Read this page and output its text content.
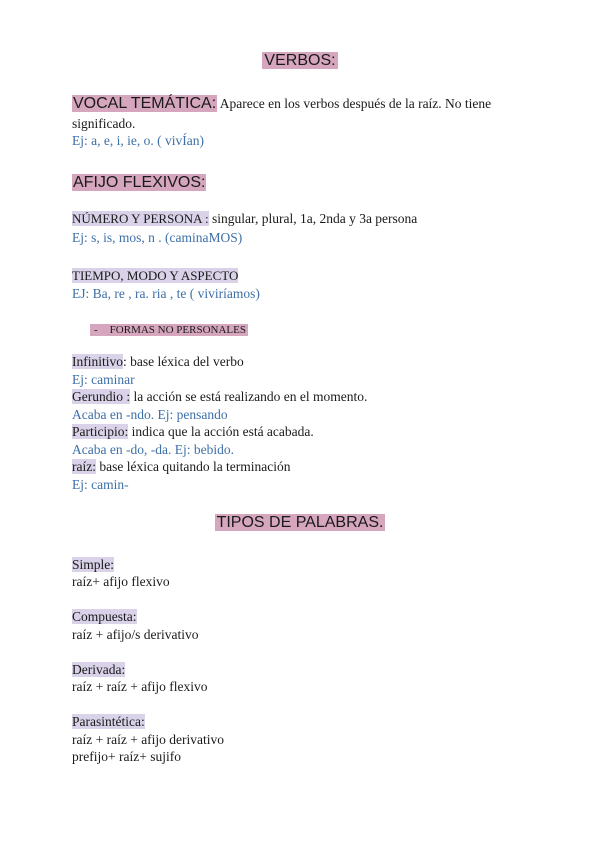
VERBOS:
VOCAL TEMÁTICA: Aparece en los verbos después de la raíz. No tiene
significado.
Ej: a, e, i, ie, o. ( vivÍan)
AFIJO FLEXIVOS:
NÚMERO Y PERSONA : singular, plural, 1a, 2nda y 3a persona
Ej: s, is, mos, n . (caminaMOS)
TIEMPO, MODO Y ASPECTO
EJ: Ba, re , ra. ria , te ( viviríamos)
- FORMAS NO PERSONALES
Infinitivo: base léxica del verbo
Ej: caminar
Gerundio : la acción se está realizando en el momento.
Acaba en -ndo. Ej: pensando
Participio: indica que la acción está acabada.
Acaba en -do, -da. Ej: bebido.
raíz: base léxica quitando la terminación
Ej: camin-
TIPOS DE PALABRAS.
Simple:
raíz+ afijo flexivo
Compuesta:
raíz + afijo/s derivativo
Derivada:
raíz + raíz + afijo flexivo
Parasintética:
raíz + raíz + afijo derivativo
prefijo+ raíz+ sujifo
